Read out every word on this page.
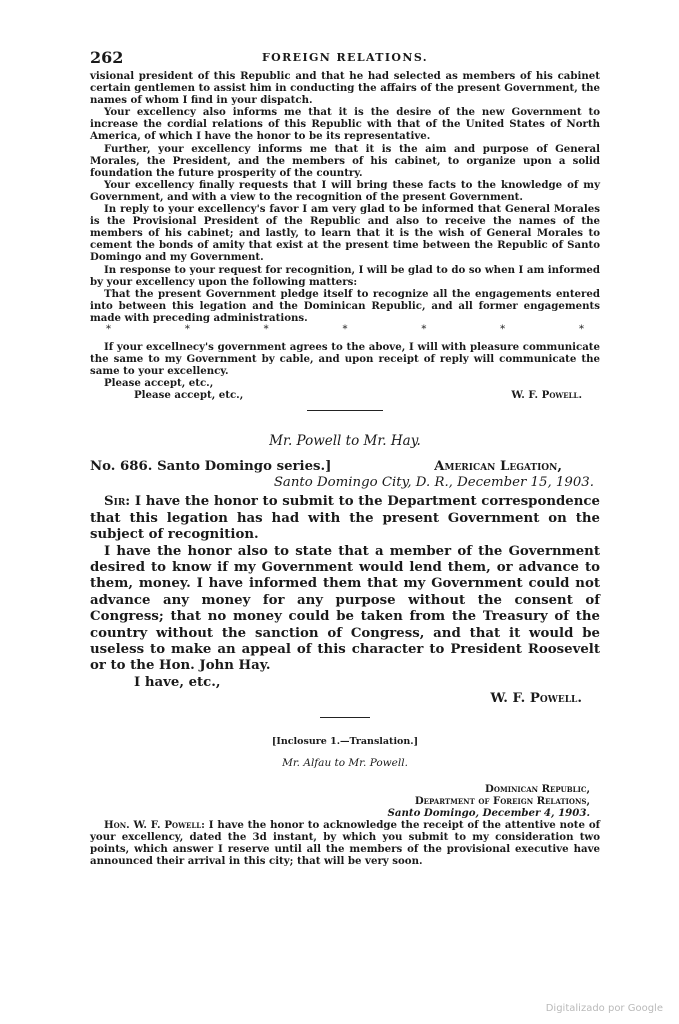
262	FOREIGN RELATIONS.

visional president of this Republic and that he had selected as members of his cabinet certain gentlemen to assist him in conducting the affairs of the present Government, the names of whom I find in your dispatch.

Your excellency also informs me that it is the desire of the new Government to increase the cordial relations of this Republic with that of the United States of North America, of which I have the honor to be its representative.

Further, your excellency informs me that it is the aim and purpose of General Morales, the President, and the members of his cabinet, to organize upon a solid foundation the future prosperity of the country.

Your excellency finally requests that I will bring these facts to the knowledge of my Government, and with a view to the recognition of the present Government.

In reply to your excellency's favor I am very glad to be informed that General Morales is the Provisional President of the Republic and also to receive the names of the members of his cabinet; and lastly, to learn that it is the wish of General Morales to cement the bonds of amity that exist at the present time between the Republic of Santo Domingo and my Government.

In response to your request for recognition, I will be glad to do so when I am informed by your excellency upon the following matters:

That the present Government pledge itself to recognize all the engagements entered into between this legation and the Dominican Republic, and all former engagements made with preceding administrations.

*	*	*	*	*	*	*

If your excellnecy's government agrees to the above, I will with pleasure communicate the same to my Government by cable, and upon receipt of reply will communicate the same to your excellency.

Please accept, etc.,

Please accept, etc.,	W. F. Powell.
Mr. Powell to Mr. Hay.
No. 686. Santo Domingo series.]	American Legation,
Santo Domingo City, D. R., December 15, 1903.

Sir: I have the honor to submit to the Department correspondence that this legation has had with the present Government on the subject of recognition.

I have the honor also to state that a member of the Government desired to know if my Government would lend them, or advance to them, money. I have informed them that my Government could not advance any money for any purpose without the consent of Congress; that no money could be taken from the Treasury of the country without the sanction of Congress, and that it would be useless to make an appeal of this character to President Roosevelt or to the Hon. John Hay.

I have, etc.,
W. F. Powell.
[Inclosure 1.—Translation.]
Mr. Alfau to Mr. Powell.
Dominican Republic,
Department of Foreign Relations,
Santo Domingo, December 4, 1903.

Hon. W. F. Powell: I have the honor to acknowledge the receipt of the attentive note of your excellency, dated the 3d instant, by which you submit to my consideration two points, which answer I reserve until all the members of the provisional executive have announced their arrival in this city; that will be very soon.

Digitalizado por Google
